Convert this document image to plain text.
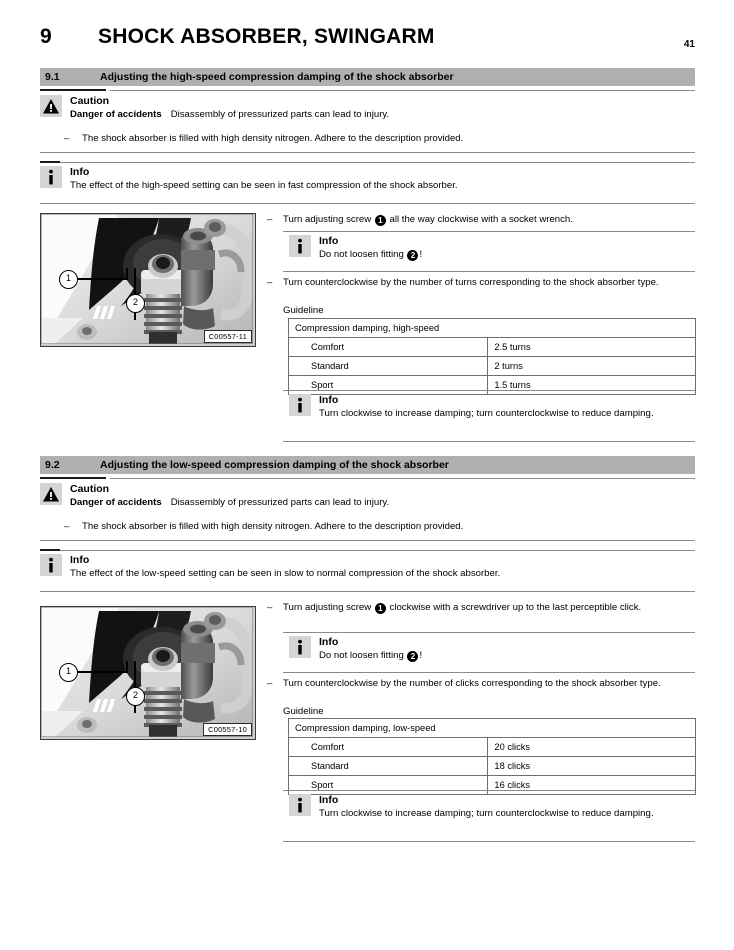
9	SHOCK ABSORBER, SWINGARM	41
9.1	Adjusting the high-speed compression damping of the shock absorber
Caution
Danger of accidents Disassembly of pressurized parts can lead to injury.
–	The shock absorber is filled with high density nitrogen. Adhere to the description provided.
Info
The effect of the high-speed setting can be seen in fast compression of the shock absorber.
1
2
C00557-11
–	Turn adjusting screw 1 all the way clockwise with a socket wrench.
Info
Do not loosen fitting 2 !
–	Turn counterclockwise by the number of turns corresponding to the shock absorber type.
Guideline
Compression damping, high-speed	
Comfort	2.5 turns
Standard	2 turns
Sport	1.5 turns
Info
Turn clockwise to increase damping; turn counterclockwise to reduce damping.
9.2	Adjusting the low-speed compression damping of the shock absorber
Caution
Danger of accidents Disassembly of pressurized parts can lead to injury.
–	The shock absorber is filled with high density nitrogen. Adhere to the description provided.
Info
The effect of the low-speed setting can be seen in slow to normal compression of the shock absorber.
1
2
C00557-10
–	Turn adjusting screw 1 clockwise with a screwdriver up to the last perceptible click.
Info
Do not loosen fitting 2 !
–	Turn counterclockwise by the number of clicks corresponding to the shock absorber type.
Guideline
Compression damping, low-speed	
Comfort	20 clicks
Standard	18 clicks
Sport	16 clicks
Info
Turn clockwise to increase damping; turn counterclockwise to reduce damping.
